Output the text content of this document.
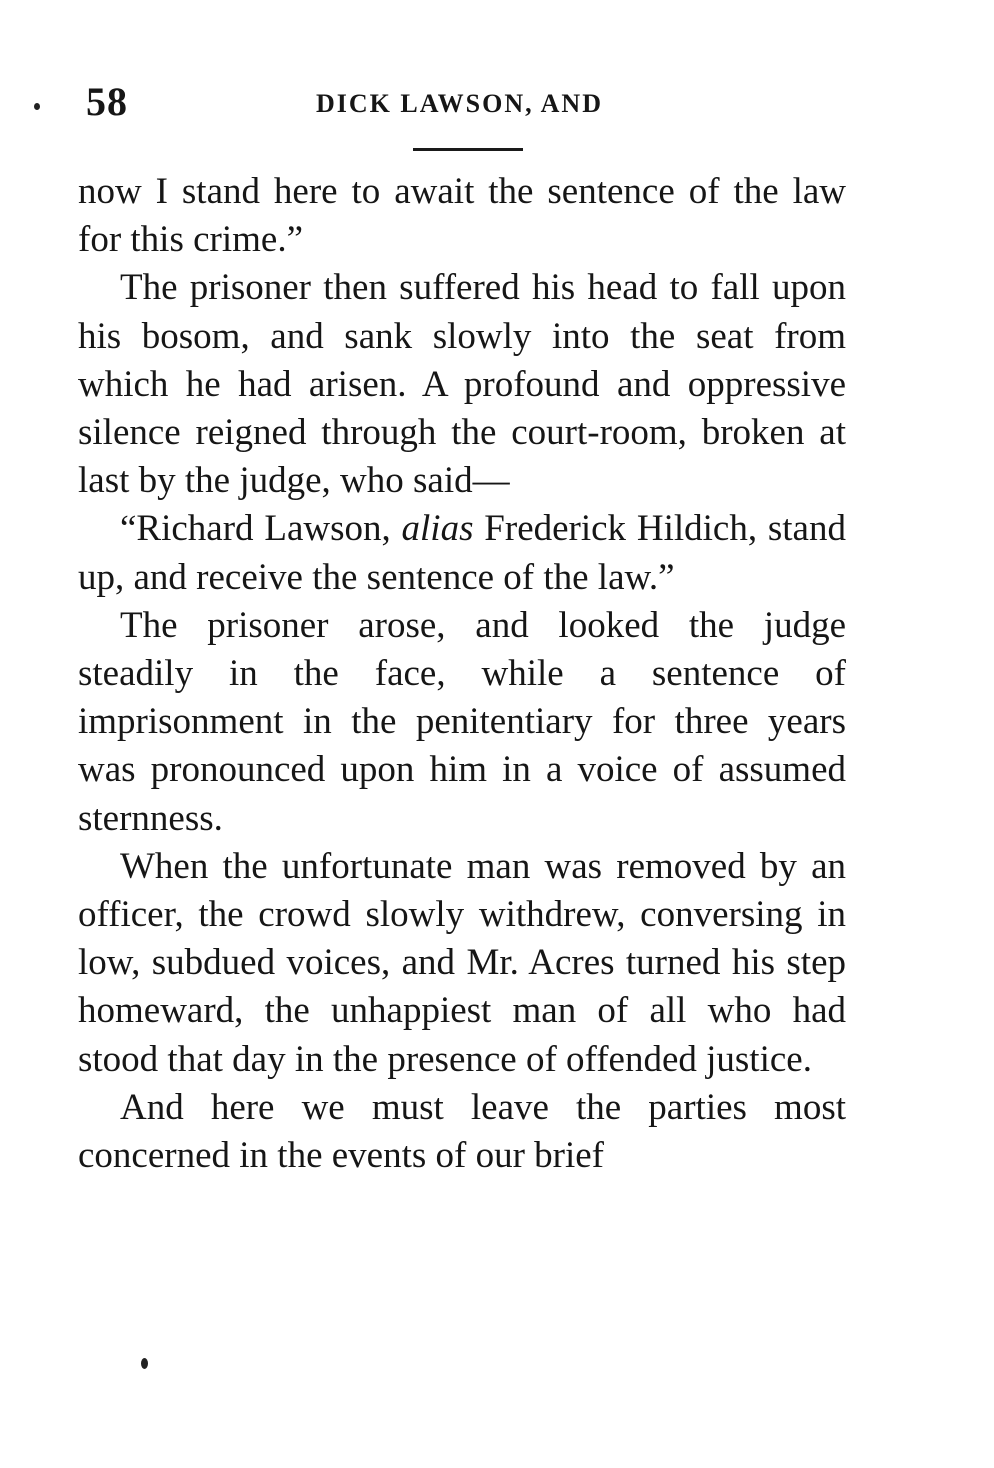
58	DICK LAWSON, AND

now I stand here to await the sentence of the law for this crime.”

The prisoner then suffered his head to fall upon his bosom, and sank slowly into the seat from which he had arisen. A profound and oppressive silence reigned through the court-room, broken at last by the judge, who said—

“Richard Lawson, alias Frederick Hildich, stand up, and receive the sentence of the law.”

The prisoner arose, and looked the judge steadily in the face, while a sentence of imprisonment in the penitentiary for three years was pronounced upon him in a voice of assumed sternness.

When the unfortunate man was removed by an officer, the crowd slowly withdrew, conversing in low, subdued voices, and Mr. Acres turned his step homeward, the unhappiest man of all who had stood that day in the presence of offended justice.

And here we must leave the parties most concerned in the events of our brief
